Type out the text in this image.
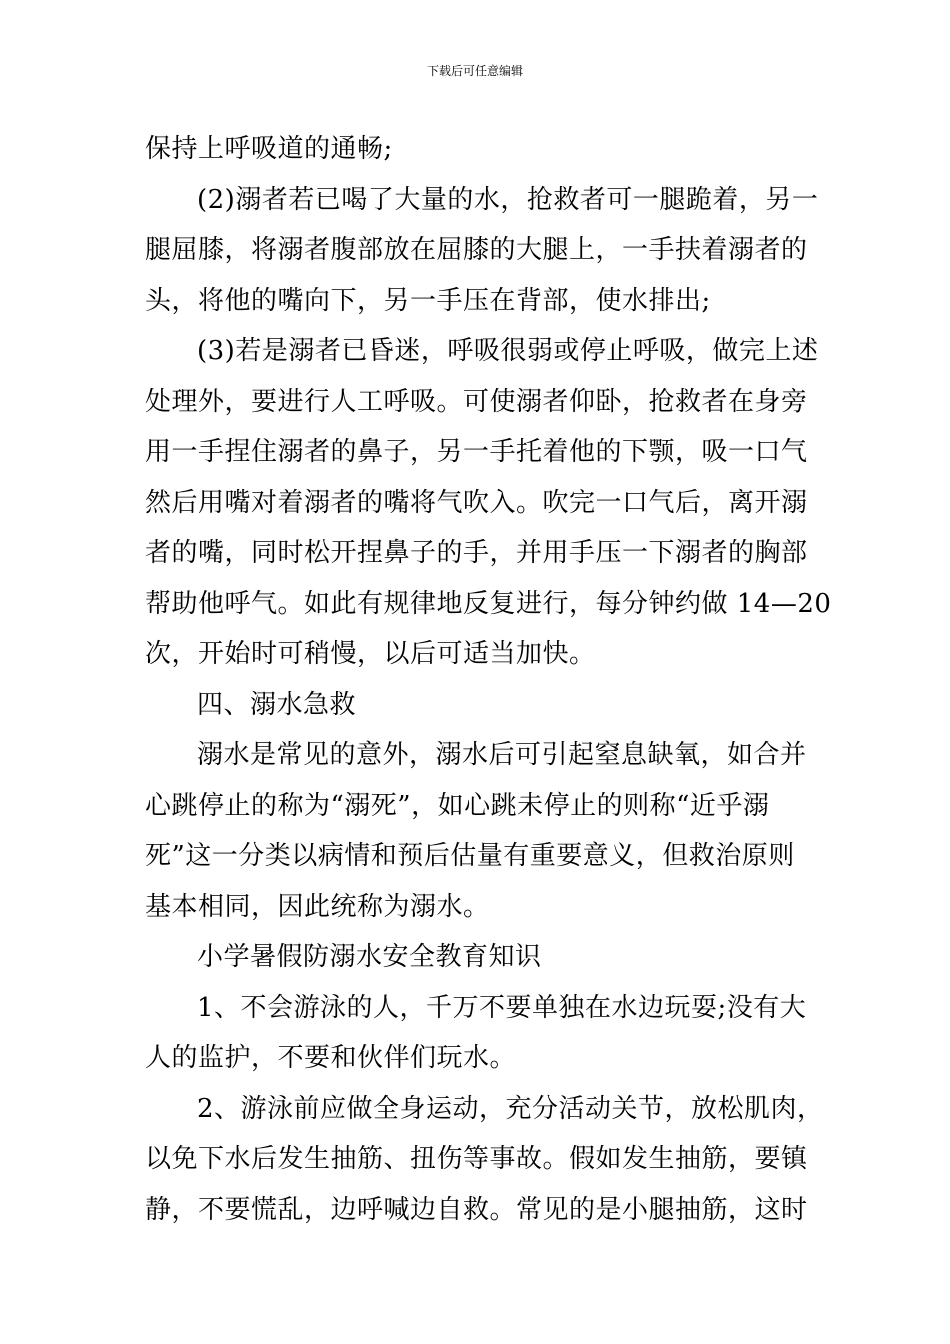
下载后可任意编辑
保持上呼吸道的通畅;
(2)溺者若已喝了大量的水，抢救者可一腿跪着，另一
腿屈膝，将溺者腹部放在屈膝的大腿上，一手扶着溺者的
头，将他的嘴向下，另一手压在背部，使水排出;
(3)若是溺者已昏迷，呼吸很弱或停止呼吸，做完上述
处理外，要进行人工呼吸。可使溺者仰卧，抢救者在身旁
用一手捏住溺者的鼻子，另一手托着他的下颚，吸一口气
然后用嘴对着溺者的嘴将气吹入。吹完一口气后，离开溺
者的嘴，同时松开捏鼻子的手，并用手压一下溺者的胸部
帮助他呼气。如此有规律地反复进行，每分钟约做 14—20
次，开始时可稍慢，以后可适当加快。
四、溺水急救
溺水是常见的意外，溺水后可引起窒息缺氧，如合并
心跳停止的称为“溺死”，如心跳未停止的则称“近乎溺
死”这一分类以病情和预后估量有重要意义，但救治原则
基本相同，因此统称为溺水。
小学暑假防溺水安全教育知识
1、不会游泳的人，千万不要单独在水边玩耍;没有大
人的监护，不要和伙伴们玩水。
2、游泳前应做全身运动，充分活动关节，放松肌肉，
以免下水后发生抽筋、扭伤等事故。假如发生抽筋，要镇
静，不要慌乱，边呼喊边自救。常见的是小腿抽筋，这时
